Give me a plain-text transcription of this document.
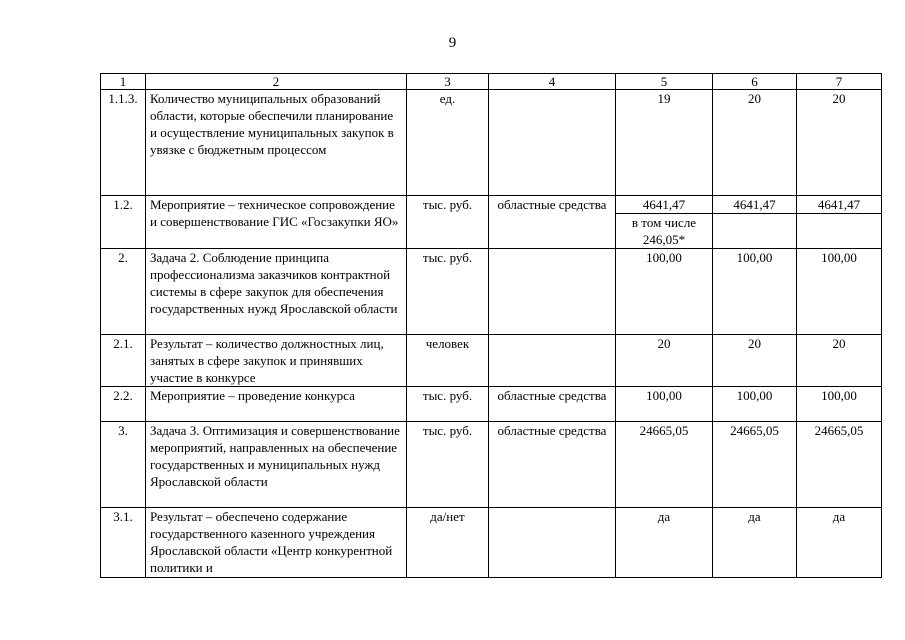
9
1	2	3	4	5	6	7
1.1.3.	Количество муниципальных образований области, которые обеспечили планирование и осуществление муниципальных закупок в увязке с бюджетным процессом	ед.		19	20	20
1.2.	Мероприятие – техническое сопровождение и совершенствование ГИС «Госзакупки ЯО»	тыс. руб.	областные средства	4641,47	4641,47	4641,47
				в том числе 246,05*		
2.	Задача 2. Соблюдение принципа профессионализма заказчиков контрактной системы в сфере закупок для обеспечения государственных нужд Ярославской области	тыс. руб.		100,00	100,00	100,00
2.1.	Результат – количество должностных лиц, занятых в сфере закупок и принявших участие в конкурсе	человек		20	20	20
2.2.	Мероприятие – проведение конкурса	тыс. руб.	областные средства	100,00	100,00	100,00
3.	Задача 3. Оптимизация и совершенствование мероприятий, направленных на обеспечение государственных и муниципальных нужд Ярославской области	тыс. руб.	областные средства	24665,05	24665,05	24665,05
3.1.	Результат – обеспечено содержание государственного казенного учреждения Ярославской области «Центр конкурентной политики и	да/нет		да	да	да
